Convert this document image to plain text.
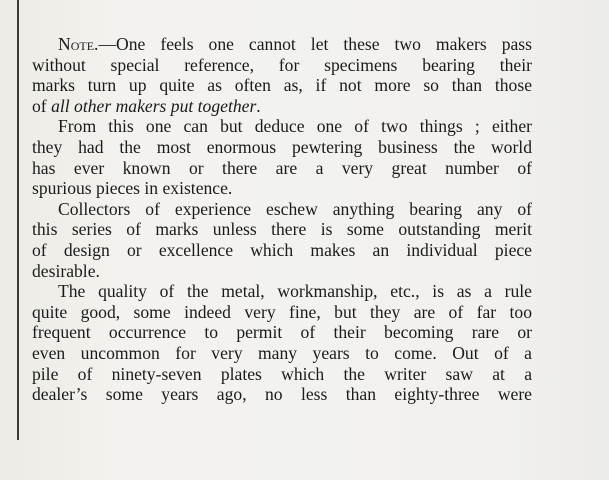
Note.—One feels one cannot let these two makers pass
without special reference, for specimens bearing their
marks turn up quite as often as, if not more so than those
of all other makers put together.
From this one can but deduce one of two things ; either
they had the most enormous pewtering business the world
has ever known or there are a very great number of
spurious pieces in existence.
Collectors of experience eschew anything bearing any of
this series of marks unless there is some outstanding merit
of design or excellence which makes an individual piece
desirable.
The quality of the metal, workmanship, etc., is as a rule
quite good, some indeed very fine, but they are of far too
frequent occurrence to permit of their becoming rare or
even uncommon for very many years to come. Out of a
pile of ninety-seven plates which the writer saw at a
dealer’s some years ago, no less than eighty-three were
